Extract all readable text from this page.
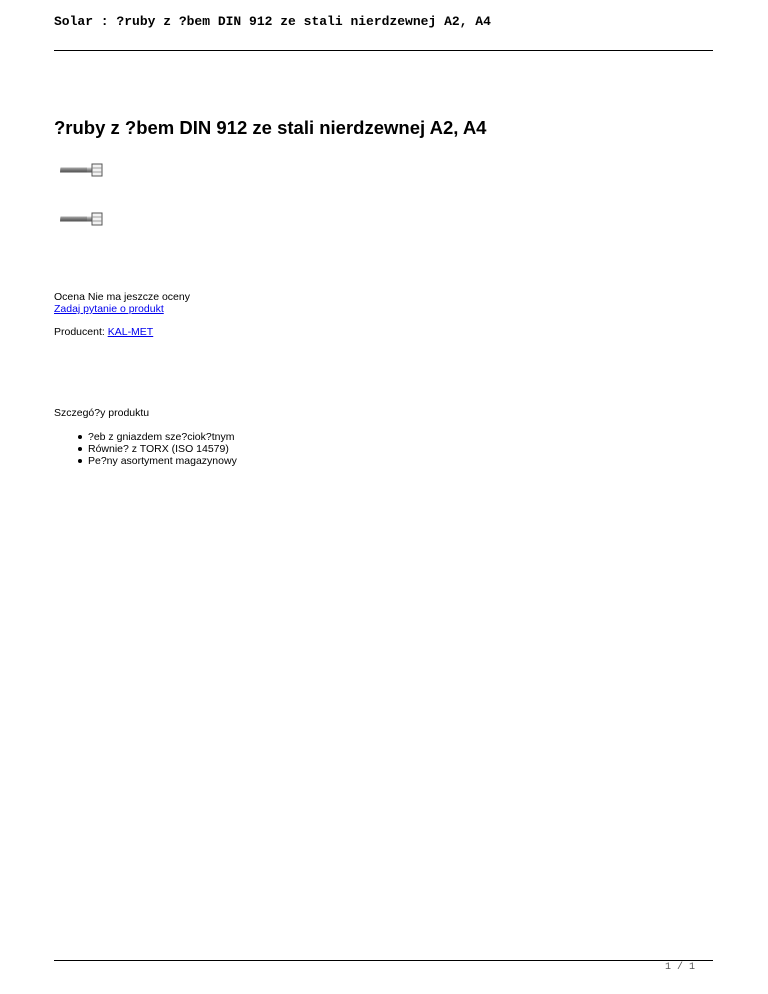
Solar : ?ruby z ?bem DIN 912 ze stali nierdzewnej A2, A4
?ruby z ?bem DIN 912 ze stali nierdzewnej A2, A4
Ocena Nie ma jeszcze oceny
Zadaj pytanie o produkt
Producent: KAL-MET
Szczegó?y produktu
?eb z gniazdem sze?ciok?tnym
Równie? z TORX (ISO 14579)
Pe?ny asortyment magazynowy
1 / 1
